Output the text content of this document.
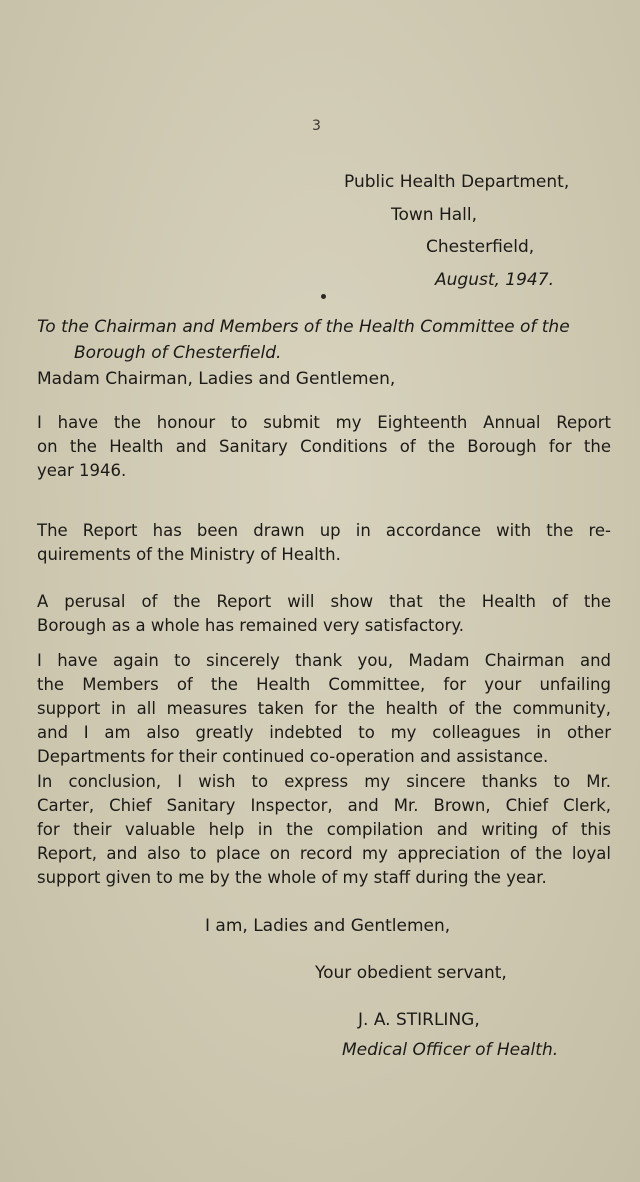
3
Public Health Department,
Town Hall,
Chesterfield,
August, 1947.
To the Chairman and Members of the Health Committee of the
Borough of Chesterfield.
Madam Chairman, Ladies and Gentlemen,
I have the honour to submit my Eighteenth Annual Report
on the Health and Sanitary Conditions of the Borough for the
year 1946.
The Report has been drawn up in accordance with the re-
quirements of the Ministry of Health.
A perusal of the Report will show that the Health of the
Borough as a whole has remained very satisfactory.
I have again to sincerely thank you, Madam Chairman and
the Members of the Health Committee, for your unfailing
support in all measures taken for the health of the community,
and I am also greatly indebted to my colleagues in other
Departments for their continued co-operation and assistance.
In conclusion, I wish to express my sincere thanks to Mr.
Carter, Chief Sanitary Inspector, and Mr. Brown, Chief Clerk,
for their valuable help in the compilation and writing of this
Report, and also to place on record my appreciation of the loyal
support given to me by the whole of my staff during the year.
I am, Ladies and Gentlemen,
Your obedient servant,
J. A. STIRLING,
Medical Officer of Health.
